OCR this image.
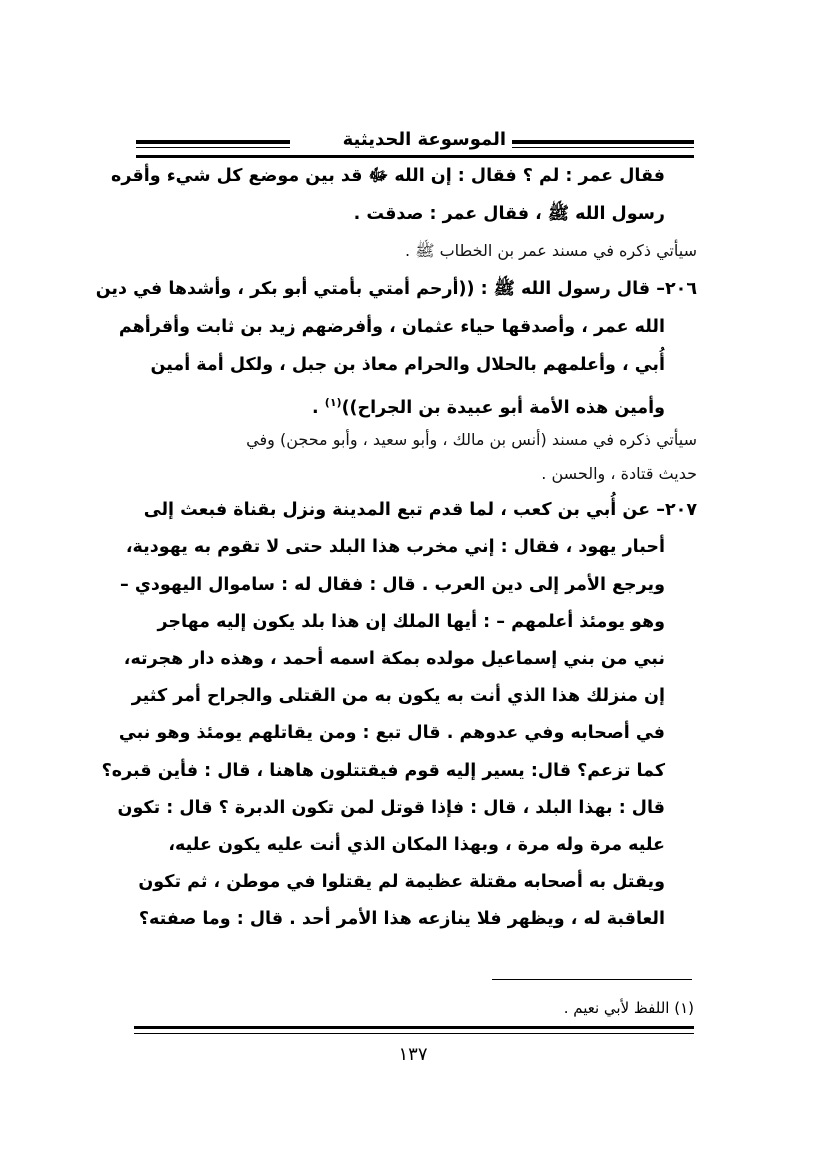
الموسوعة الحديثية
فقال عمر : لم ؟ فقال : إن الله ﷻ قد بين موضع كل شيء وأقره
رسول الله ﷺ ، فقال عمر : صدقت .
سيأتي ذكره في مسند عمر بن الخطاب ﷺ .
٢٠٦– قال رسول الله ﷺ : ((أرحم أمتي بأمتي أبو بكر ، وأشدها في دين
الله عمر ، وأصدقها حياء عثمان ، وأفرضهم زيد بن ثابت وأقرأهم
أُبي ، وأعلمهم بالحلال والحرام معاذ بن جبل ، ولكل أمة أمين
وأمين هذه الأمة أبو عبيدة بن الجراح))$^{(١)}$ .
سيأتي ذكره في مسند (أنس بن مالك ، وأبو سعيد ، وأبو محجن) وفي
حديث قتادة ، والحسن .
٢٠٧– عن أُبي بن كعب ، لما قدم تبع المدينة ونزل بقناة فبعث إلى
أحبار يهود ، فقال : إني مخرب هذا البلد حتى لا تقوم به يهودية،
ويرجع الأمر إلى دين العرب . قال : فقال له : ساموال اليهودي –
وهو يومئذ أعلمهم – : أيها الملك إن هذا بلد يكون إليه مهاجر
نبي من بني إسماعيل مولده بمكة اسمه أحمد ، وهذه دار هجرته،
إن منزلك هذا الذي أنت به يكون به من القتلى والجراح أمر كثير
في أصحابه وفي عدوهم . قال تبع : ومن يقاتلهم يومئذ وهو نبي
كما تزعم؟ قال: يسير إليه قوم فيقتتلون هاهنا ، قال : فأين قبره؟
قال : بهذا البلد ، قال : فإذا قوتل لمن تكون الدبرة ؟ قال : تكون
عليه مرة وله مرة ، وبهذا المكان الذي أنت عليه يكون عليه،
ويقتل به أصحابه مقتلة عظيمة لم يقتلوا في موطن ، ثم تكون
العاقبة له ، ويظهر فلا ينازعه هذا الأمر أحد . قال : وما صفته؟
(١) اللفظ لأبي نعيم .
١٣٧
